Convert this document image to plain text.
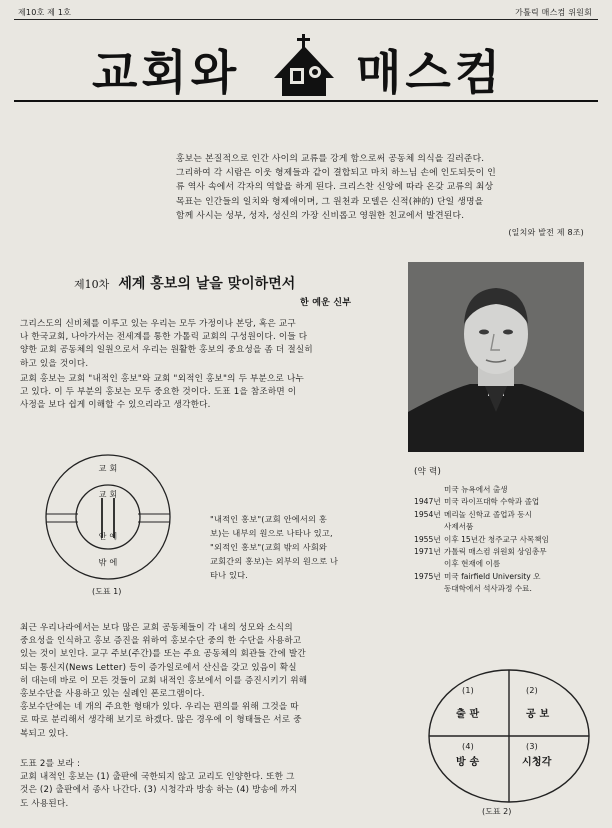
제10호 제 1호	가톨릭 매스컴 위원회
교회와 매스컴
홍보는 본질적으로 인간 사이의 교류를 강게 함으로써 공동체 의식을 길러준다.
그리하여 각 시람은 이웃 형제들과 같이 결합되고 마치 하느님 손에 인도되듯이 인
류 역사 속에서 각자의 역할을 하게 된다. 크리스찬 신앙에 따라 온갖 교류의 최상
목표는 인간들의 일치와 형제애이며, 그 원천과 모델은 신적(神的) 단일 생명을
함께 사시는 성부, 성자, 성신의 가장 신비롭고 영원한 친교에서 발견된다.
(일치와 발전 제 8조)
제10차 세계 홍보의 날을 맞이하면서
한 예운 신부
그리스도의 신비체를 이루고 있는 우리는 모두 가정이나 본당, 혹은 교구
나 한국교회, 나아가서는 전세계를 통한 가톨릭 교회의 구성원이다. 이들 다
양한 교회 공동체의 일원으로서 우리는 원활한 홍보의 중요성을 좀 더 절실히
하고 있을 것이다.
교회 홍보는 교회 "내적인 홍보"와 교회 "외적인 홍보"의 두 부분으로 나누
고 있다. 이 두 부분의 홍보는 모두 중요한 것이다. 도표 1을 참조하면 이
사정을 보다 쉽게 이해할 수 있으리라고 생각한다.
교 회
교 회
안 에
밖 에
(도표 1)
"내적인 홍보"(교회 안에서의 홍
보)는 내부의 원으로 나타나 있고,
"외적인 홍보"(교회 밖의 사회와
교회간의 홍보)는 외부의 원으로 나
타나 있다.
(약 력)
미국 뉴욕에서 출생
1947년 미국 라이프대학 수학과 졸업
1954년 메리놀 신학교 졸업과 동시
사제서품
1955년 이후 15년간 청주교구 사목책임
1971년 가톨릭 매스컴 위원회 상임총무
이후 현재에 이름
1975년 미국 fairfield University 오
동대학에서 석사과정 수료.
최근 우리나라에서는 보다 많은 교회 공동체들이 각 내의 성모와 소식의
중요성을 인식하고 홍보 증진을 위하여 홍보수단 중의 한 수단을 사용하고
있는 것이 보인다. 교구 주보(주간)를 또는 주요 공동체의 회관들 간에 발간
되는 통신지(News Letter) 등이 증가일로에서 산신을 갖고 있음이 확실
히 대는데 바로 이 모든 것들이 교회 내적인 홍보에서 이를 증진시키기 위해
홍보수단을 사용하고 있는 실례인 폰로그램이다.
홍보수단에는 네 개의 주요한 형태가 있다. 우리는 편의를 위해 그것을 따
로 따로 분리해서 생각해 보기로 하겠다. 많은 경우에 이 형태들은 서로 중
복되고 있다.
도표 2를 보라 :
교회 내적인 홍보는 (1) 출판에 국한되지 않고 교리도 인양한다. 또한 그
것은 (2) 출판에서 종사 나간다. (3) 시청각과 방송 하는 (4) 방송에 까지
도 사용된다.
(1)
출 판
(2)
공 보
(4)
방 송
(3)
시청각
(도표 2)
